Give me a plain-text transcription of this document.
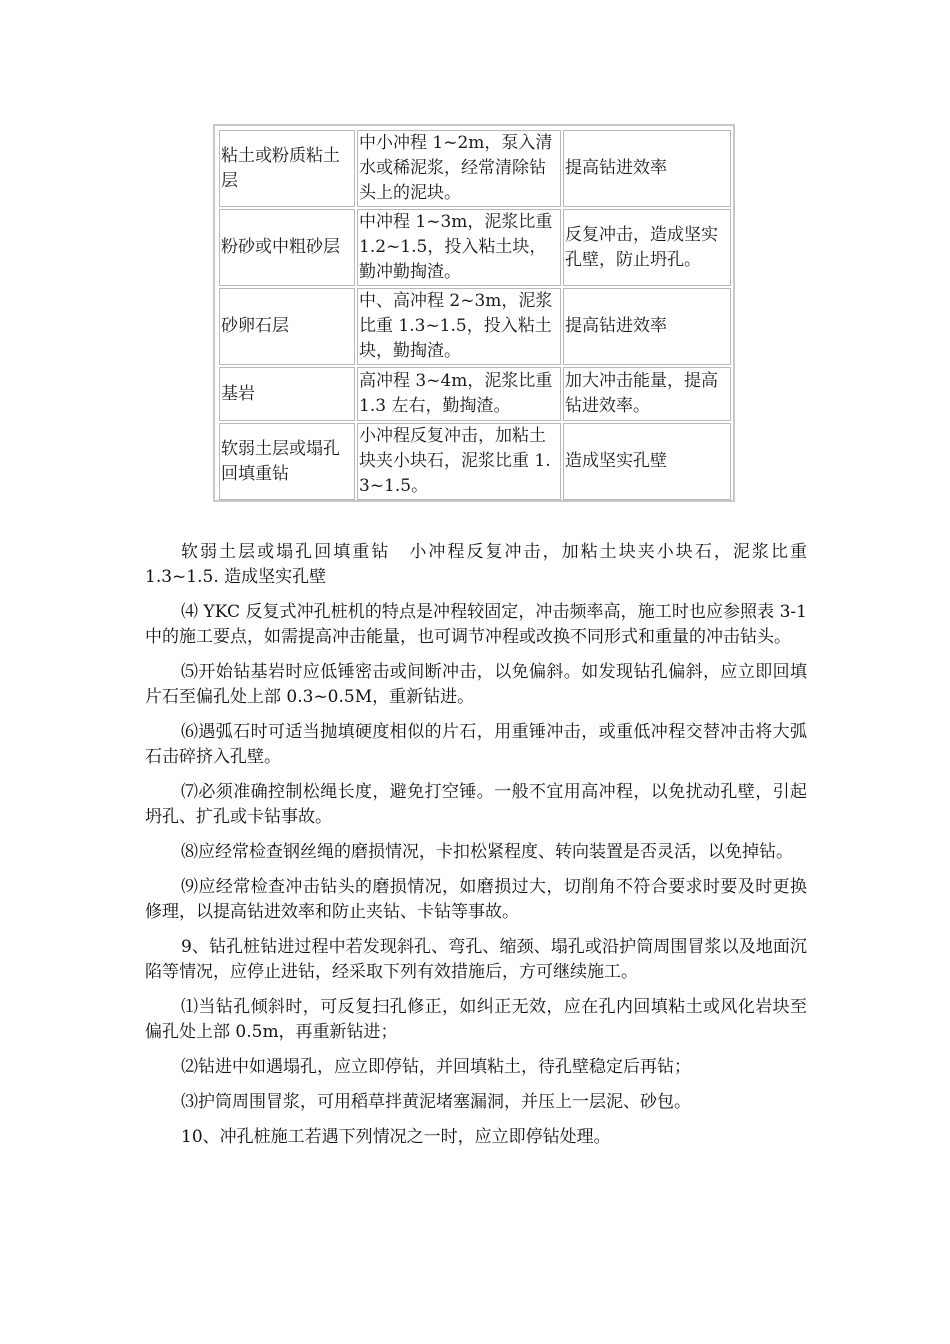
粘土或粉质粘土层	中小冲程 1~2m，泵入清水或稀泥浆，经常清除钻头上的泥块。	提高钻进效率
粉砂或中粗砂层	中冲程 1~3m，泥浆比重 1.2~1.5，投入粘土块，勤冲勤掏渣。	反复冲击，造成坚实孔壁，防止坍孔。
砂卵石层	中、高冲程 2~3m，泥浆比重 1.3~1.5，投入粘土块，勤掏渣。	提高钻进效率
基岩	高冲程 3~4m，泥浆比重 1.3 左右，勤掏渣。	加大冲击能量，提高钻进效率。
软弱土层或塌孔回填重钻	小冲程反复冲击，加粘土块夹小块石，泥浆比重 1.3~1.5。	造成坚实孔壁

软弱土层或塌孔回填重钻　小冲程反复冲击，加粘土块夹小块石，泥浆比重 1.3~1.5. 造成坚实孔壁

⑷ YKC 反复式冲孔桩机的特点是冲程较固定，冲击频率高，施工时也应参照表 3-1 中的施工要点，如需提高冲击能量，也可调节冲程或改换不同形式和重量的冲击钻头。

⑸开始钻基岩时应低锤密击或间断冲击，以免偏斜。如发现钻孔偏斜，应立即回填片石至偏孔处上部 0.3~0.5M，重新钻进。

⑹遇弧石时可适当抛填硬度相似的片石，用重锤冲击，或重低冲程交替冲击将大弧石击碎挤入孔壁。

⑺必须准确控制松绳长度，避免打空锤。一般不宜用高冲程，以免扰动孔壁，引起坍孔、扩孔或卡钻事故。

⑻应经常检查钢丝绳的磨损情况，卡扣松紧程度、转向装置是否灵活，以免掉钻。

⑼应经常检查冲击钻头的磨损情况，如磨损过大，切削角不符合要求时要及时更换修理，以提高钻进效率和防止夹钻、卡钻等事故。

9、钻孔桩钻进过程中若发现斜孔、弯孔、缩颈、塌孔或沿护筒周围冒浆以及地面沉陷等情况，应停止进钻，经采取下列有效措施后，方可继续施工。

⑴当钻孔倾斜时，可反复扫孔修正，如纠正无效，应在孔内回填粘土或风化岩块至偏孔处上部 0.5m，再重新钻进；

⑵钻进中如遇塌孔，应立即停钻，并回填粘土，待孔壁稳定后再钻；

⑶护筒周围冒浆，可用稻草拌黄泥堵塞漏洞，并压上一层泥、砂包。

10、冲孔桩施工若遇下列情况之一时，应立即停钻处理。
